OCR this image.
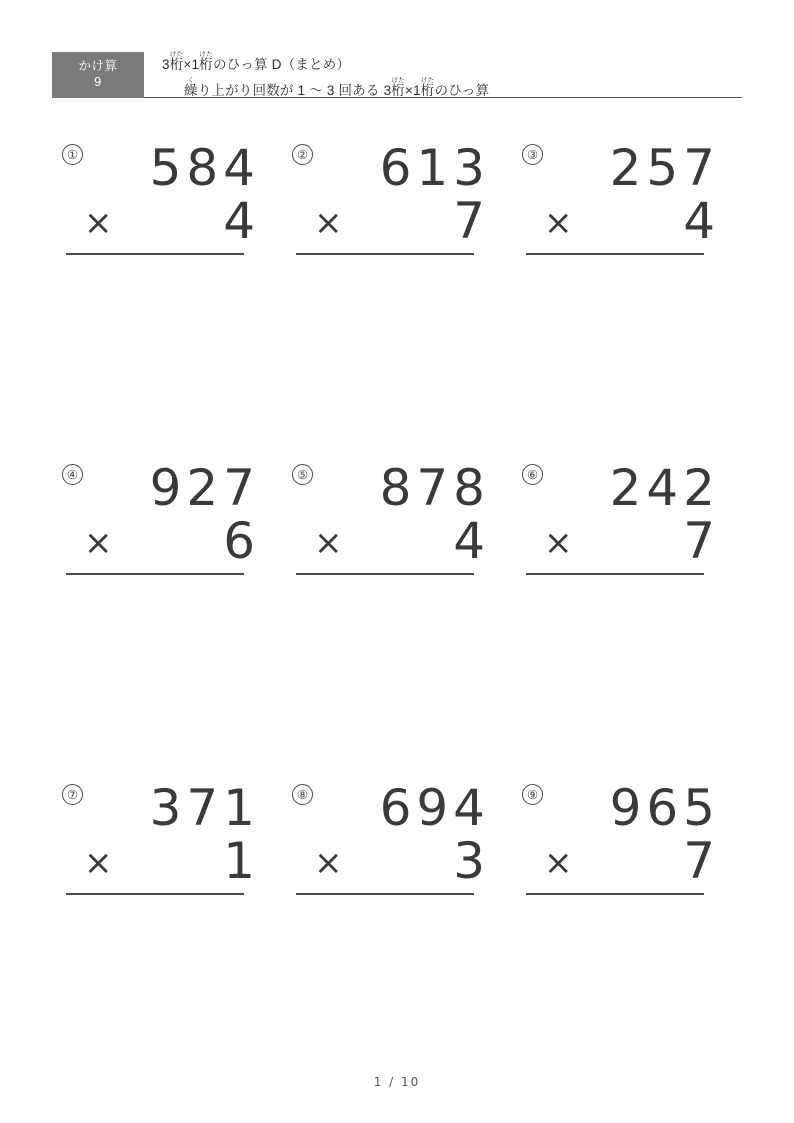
かけ算
9
3桁けた×1桁けたのひっ算 D（まとめ）
繰くり上がり回数が 1 〜 3 回ある 3桁けた×1桁けたのひっ算
①	584
× 4
②	613
× 7
③	257
× 4
④	927
× 6
⑤	878
× 4
⑥	242
× 7
⑦	371
× 1
⑧	694
× 3
⑨	965
× 7
1 / 10
